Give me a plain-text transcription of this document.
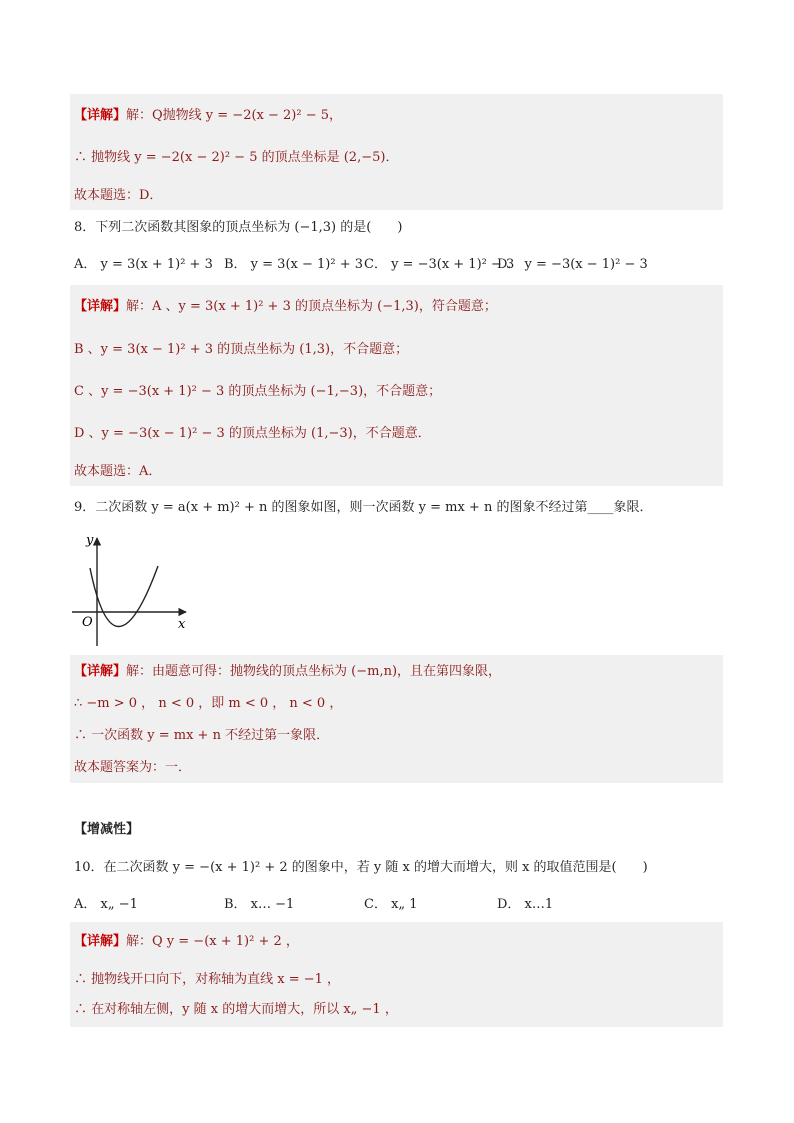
【详解】解：Q抛物线 y = −2(x − 2)² − 5，
∴ 抛物线 y = −2(x − 2)² − 5 的顶点坐标是 (2,−5)．
故本题选：D．
8．下列二次函数其图象的顶点坐标为 (−1,3) 的是(　　)
A． y = 3(x + 1)² + 3 B． y = 3(x − 1)² + 3 C． y = −3(x + 1)² − 3
D． y = −3(x − 1)² − 3
【详解】解：A 、y = 3(x + 1)² + 3 的顶点坐标为 (−1,3)，符合题意；
B 、y = 3(x − 1)² + 3 的顶点坐标为 (1,3)，不合题意；
C 、y = −3(x + 1)² − 3 的顶点坐标为 (−1,−3)，不合题意；
D 、y = −3(x − 1)² − 3 的顶点坐标为 (1,−3)，不合题意．
故本题选：A．
9．二次函数 y = a(x + m)² + n 的图象如图，则一次函数 y = mx + n 的图象不经过第____象限．
y
x
O
【详解】解：由题意可得：抛物线的顶点坐标为 (−m,n)，且在第四象限，
∴ −m > 0 ， n < 0 ，即 m < 0 ， n < 0 ，
∴ 一次函数 y = mx + n 不经过第一象限．
故本题答案为：一．
【增减性】
10．在二次函数 y = −(x + 1)² + 2 的图象中，若 y 随 x 的增大而增大，则 x 的取值范围是(　　)
A． x„ −1	B． x… −1	C． x„ 1	D． x…1
【详解】解：Q y = −(x + 1)² + 2 ，
∴ 抛物线开口向下，对称轴为直线 x = −1 ，
∴ 在对称轴左侧，y 随 x 的增大而增大，所以 x„ −1 ，
